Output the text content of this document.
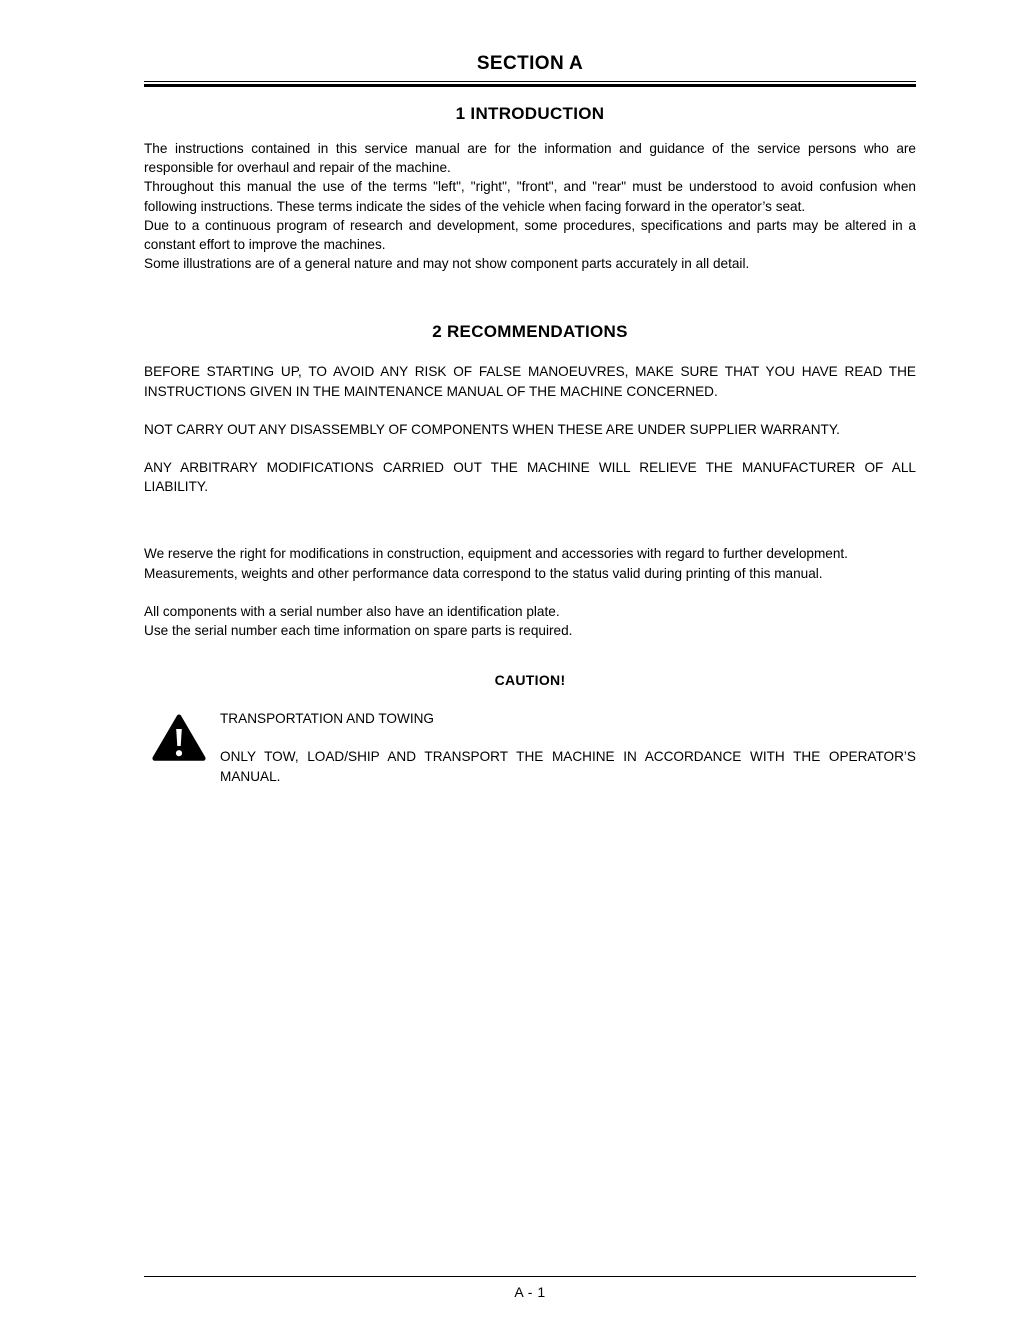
SECTION A
1 INTRODUCTION

The instructions contained in this service manual are for the information and guidance of the service persons who are responsible for overhaul and repair of the machine.

Throughout this manual the use of the terms "left", "right", "front", and "rear" must be understood to avoid confusion when following instructions. These terms indicate the sides of the vehicle when facing forward in the operator’s seat.

Due to a continuous program of research and development, some procedures, specifications and parts may be altered in a constant effort to improve the machines.

Some illustrations are of a general nature and may not show component parts accurately in all detail.

2 RECOMMENDATIONS

BEFORE STARTING UP, TO AVOID ANY RISK OF FALSE MANOEUVRES, MAKE SURE THAT YOU HAVE READ THE INSTRUCTIONS GIVEN IN THE MAINTENANCE MANUAL OF THE MACHINE CONCERNED.

NOT CARRY OUT ANY DISASSEMBLY OF COMPONENTS WHEN THESE ARE UNDER SUPPLIER WARRANTY.

ANY ARBITRARY MODIFICATIONS CARRIED OUT THE MACHINE WILL RELIEVE THE MANUFACTURER OF ALL LIABILITY.

We reserve the right for modifications in construction, equipment and accessories with regard to further development.

Measurements, weights and other performance data correspond to the status valid during printing of this manual.

All components with a serial number also have an identification plate.

Use the serial number each time information on spare parts is required.

CAUTION!

TRANSPORTATION AND TOWING

ONLY TOW, LOAD/SHIP AND TRANSPORT THE MACHINE IN ACCORDANCE WITH THE OPERATOR’S MANUAL.

A - 1
